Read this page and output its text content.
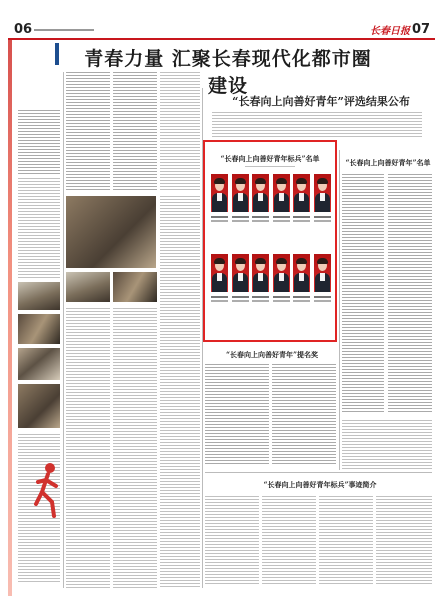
06	长春日报 07
青春力量 汇聚长春现代化都市圈建设
“长春向上向善好青年”评选结果公布
“长春向上向善好青年标兵”名单	“长春向上向善好青年”名单
“长春向上向善好青年”提名奖
“长春向上向善好青年标兵”事迹简介
